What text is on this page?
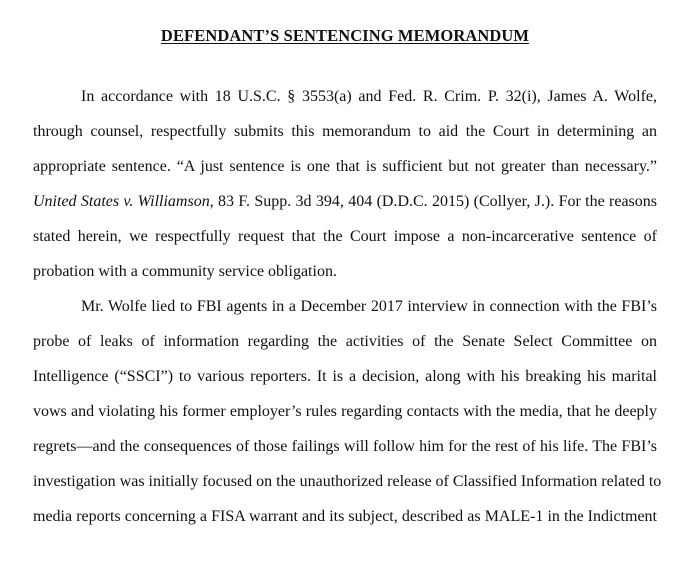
DEFENDANT’S SENTENCING MEMORANDUM
In accordance with 18 U.S.C. § 3553(a) and Fed. R. Crim. P. 32(i), James A. Wolfe,
through counsel, respectfully submits this memorandum to aid the Court in determining an
appropriate sentence. “A just sentence is one that is sufficient but not greater than necessary.”
United States v. Williamson, 83 F. Supp. 3d 394, 404 (D.D.C. 2015) (Collyer, J.). For the reasons
stated herein, we respectfully request that the Court impose a non-incarcerative sentence of
probation with a community service obligation.
Mr. Wolfe lied to FBI agents in a December 2017 interview in connection with the FBI’s
probe of leaks of information regarding the activities of the Senate Select Committee on
Intelligence (“SSCI”) to various reporters. It is a decision, along with his breaking his marital
vows and violating his former employer’s rules regarding contacts with the media, that he deeply
regrets—and the consequences of those failings will follow him for the rest of his life. The FBI’s
investigation was initially focused on the unauthorized release of Classified Information related to
media reports concerning a FISA warrant and its subject, described as MALE-1 in the Indictment
